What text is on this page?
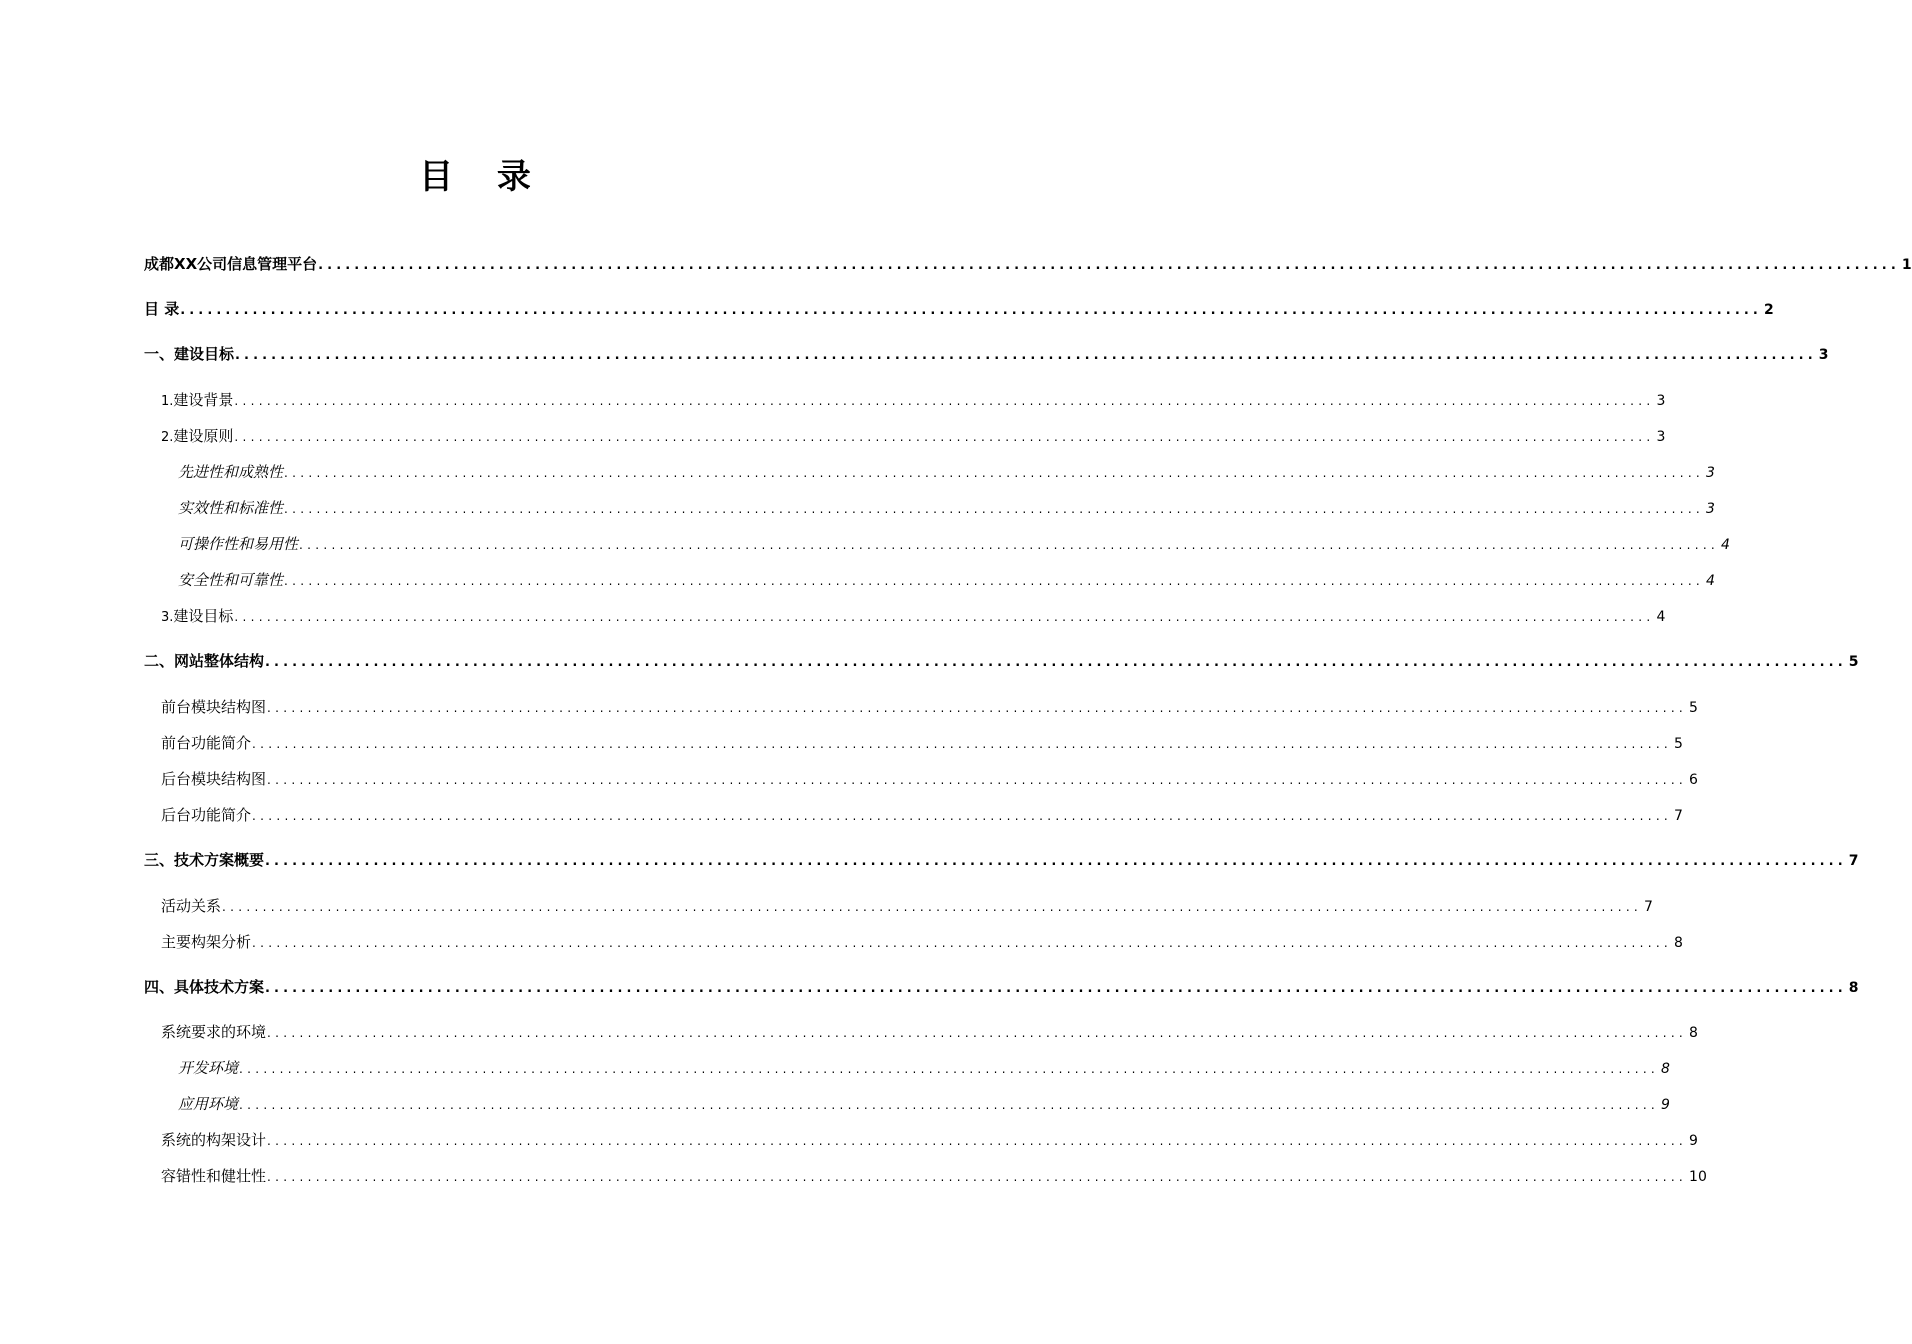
目 录
成都XX公司信息管理平台 ............................................................................................................................................................................... 1
目 录 ............................................................................................................................................................................... 2
一、建设目标 ............................................................................................................................................................................... 3
1. 建设背景 ............................................................................................................................................................................... 3
2. 建设原则 ............................................................................................................................................................................... 3
先进性和成熟性 ............................................................................................................................................................................... 3
实效性和标准性 ............................................................................................................................................................................... 3
可操作性和易用性 ............................................................................................................................................................................... 4
安全性和可靠性 ............................................................................................................................................................................... 4
3. 建设目标 ............................................................................................................................................................................... 4
二、网站整体结构 ............................................................................................................................................................................... 5
前台模块结构图 ............................................................................................................................................................................... 5
前台功能简介 ............................................................................................................................................................................... 5
后台模块结构图 ............................................................................................................................................................................... 6
后台功能简介 ............................................................................................................................................................................... 7
三、技术方案概要 ............................................................................................................................................................................... 7
活动关系 ............................................................................................................................................................................... 7
主要构架分析 ............................................................................................................................................................................... 8
四、具体技术方案 ............................................................................................................................................................................... 8
系统要求的环境 ............................................................................................................................................................................... 8
开发环境 ............................................................................................................................................................................... 8
应用环境 ............................................................................................................................................................................... 9
系统的构架设计 ............................................................................................................................................................................... 9
容错性和健壮性 ............................................................................................................................................................................... 10
